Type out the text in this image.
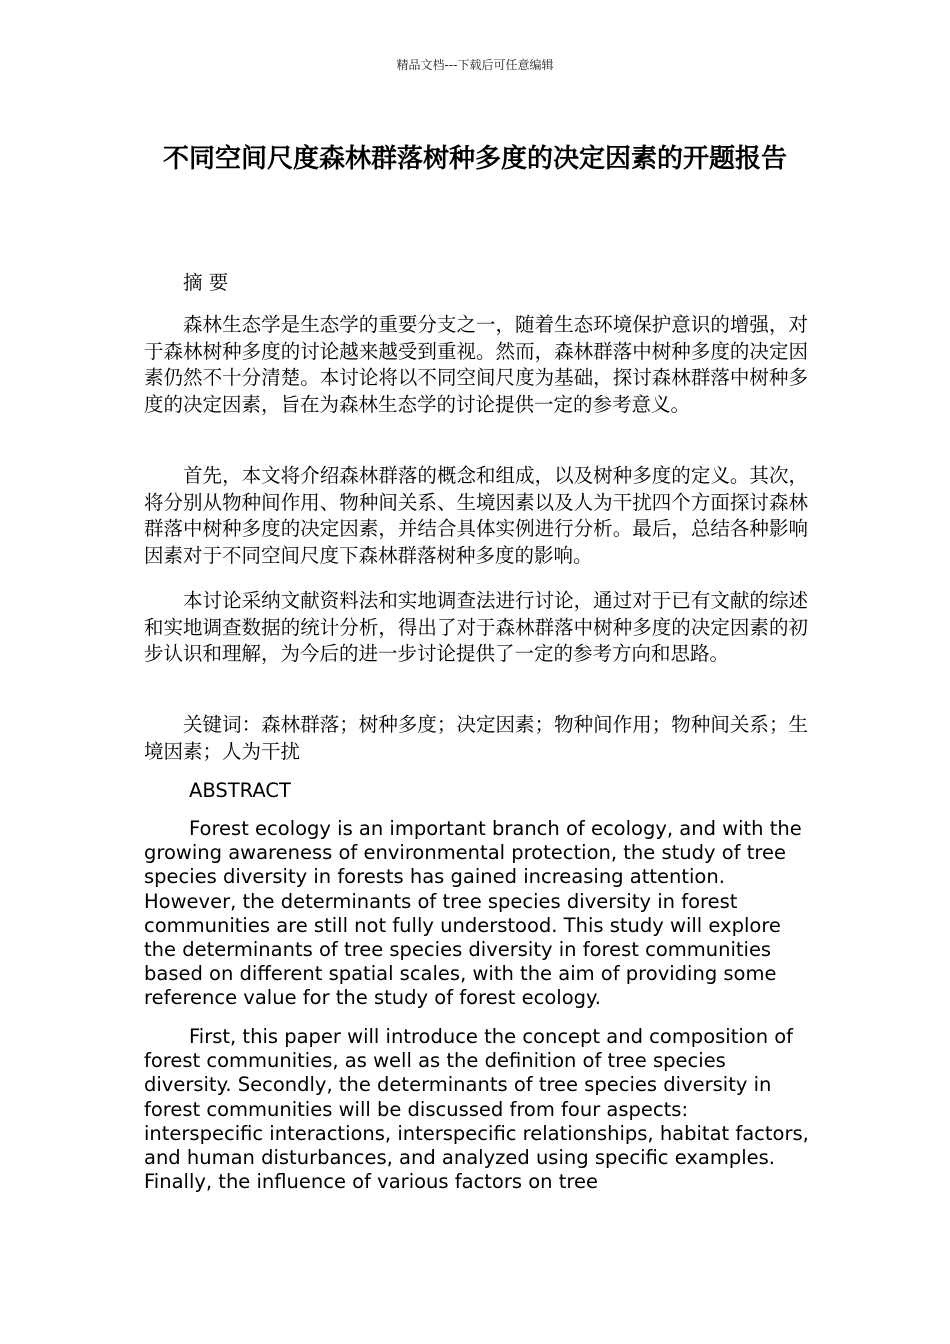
精品文档---下载后可任意编辑
不同空间尺度森林群落树种多度的决定因素的开题报告

摘 要

森林生态学是生态学的重要分支之一，随着生态环境保护意识的增强，对于森林树种多度的讨论越来越受到重视。然而，森林群落中树种多度的决定因素仍然不十分清楚。本讨论将以不同空间尺度为基础，探讨森林群落中树种多度的决定因素，旨在为森林生态学的讨论提供一定的参考意义。

首先，本文将介绍森林群落的概念和组成，以及树种多度的定义。其次，将分别从物种间作用、物种间关系、生境因素以及人为干扰四个方面探讨森林群落中树种多度的决定因素，并结合具体实例进行分析。最后，总结各种影响因素对于不同空间尺度下森林群落树种多度的影响。

本讨论采纳文献资料法和实地调查法进行讨论，通过对于已有文献的综述和实地调查数据的统计分析，得出了对于森林群落中树种多度的决定因素的初步认识和理解，为今后的进一步讨论提供了一定的参考方向和思路。

关键词：森林群落；树种多度；决定因素；物种间作用；物种间关系；生境因素；人为干扰

ABSTRACT

Forest ecology is an important branch of ecology, and with the growing awareness of environmental protection, the study of tree species diversity in forests has gained increasing attention. However, the determinants of tree species diversity in forest communities are still not fully understood. This study will explore the determinants of tree species diversity in forest communities based on different spatial scales, with the aim of providing some reference value for the study of forest ecology.

First, this paper will introduce the concept and composition of forest communities, as well as the definition of tree species diversity. Secondly, the determinants of tree species diversity in forest communities will be discussed from four aspects: interspecific interactions, interspecific relationships, habitat factors, and human disturbances, and analyzed using specific examples. Finally, the influence of various factors on tree
